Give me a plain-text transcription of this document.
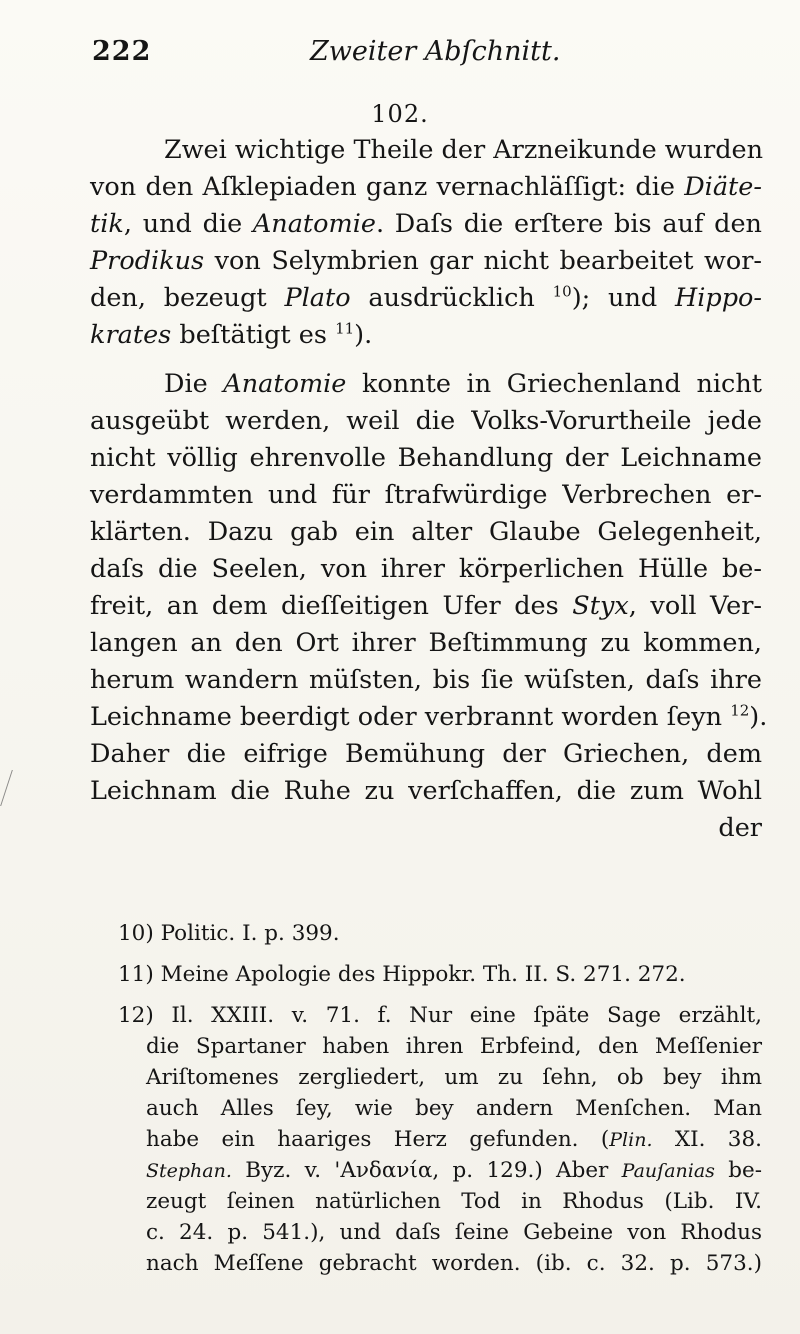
222	Zweiter Abſchnitt.
102.
Zwei wichtige Theile der Arzneikunde wurden
von den Aſklepiaden ganz vernachläſſigt: die Diäte-
tik, und die Anatomie. Daſs die erſtere bis auf den
Prodikus von Selymbrien gar nicht bearbeitet wor-
den, bezeugt Plato ausdrücklich $^{10}$); und Hippo-
krates beſtätigt es $^{11}$).
Die Anatomie konnte in Griechenland nicht
ausgeübt werden, weil die Volks-Vorurtheile jede
nicht völlig ehrenvolle Behandlung der Leichname
verdammten und für ſtrafwürdige Verbrechen er-
klärten. Dazu gab ein alter Glaube Gelegenheit,
daſs die Seelen, von ihrer körperlichen Hülle be-
freit, an dem dieſſeitigen Ufer des Styx, voll Ver-
langen an den Ort ihrer Beſtimmung zu kommen,
herum wandern müſsten, bis ſie wüſsten, daſs ihre
Leichname beerdigt oder verbrannt worden ſeyn $^{12}$).
Daher die eifrige Bemühung der Griechen, dem
Leichnam die Ruhe zu verſchaffen, die zum Wohl
der
10) Politic. I. p. 399.
11) Meine Apologie des Hippokr. Th. II. S. 271. 272.
12) Il. XXIII. v. 71. f. Nur eine ſpäte Sage erzählt,
die Spartaner haben ihren Erbfeind, den Meſſenier
Ariſtomenes zergliedert, um zu ſehn, ob bey ihm
auch Alles ſey, wie bey andern Menſchen. Man
habe ein haariges Herz gefunden. (Plin. XI. 38.
Stephan. Byz. v. 'Ανδανία, p. 129.) Aber Pauſanias be-
zeugt ſeinen natürlichen Tod in Rhodus (Lib. IV.
c. 24. p. 541.), und daſs ſeine Gebeine von Rhodus
nach Meſſene gebracht worden. (ib. c. 32. p. 573.)
